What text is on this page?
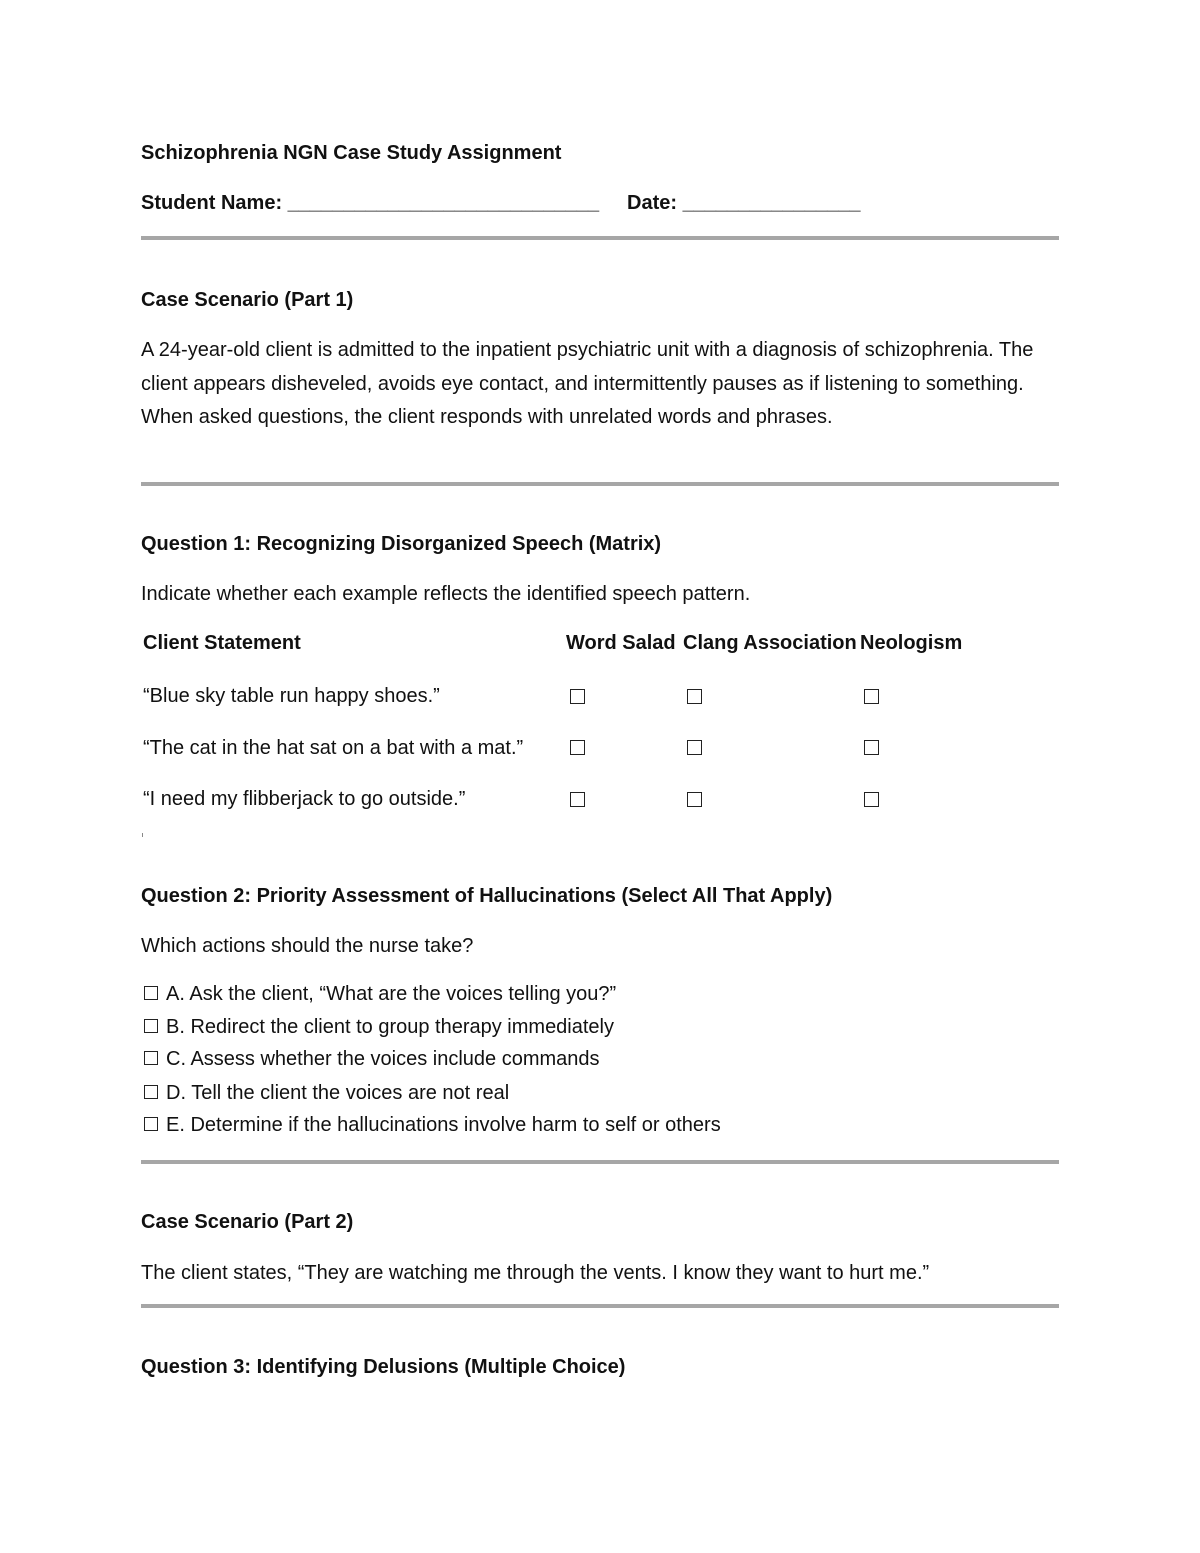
Schizophrenia NGN Case Study Assignment
Student Name: ____________________________ Date: ________________
Case Scenario (Part 1)
A 24-year-old client is admitted to the inpatient psychiatric unit with a diagnosis of schizophrenia. The client appears disheveled, avoids eye contact, and intermittently pauses as if listening to something. When asked questions, the client responds with unrelated words and phrases.
Question 1: Recognizing Disorganized Speech (Matrix)
Indicate whether each example reflects the identified speech pattern.
Client Statement	Word Salad Clang Association Neologism
“Blue sky table run happy shoes.”
“The cat in the hat sat on a bat with a mat.”
“I need my flibberjack to go outside.”
Question 2: Priority Assessment of Hallucinations (Select All That Apply)
Which actions should the nurse take?
A. Ask the client, “What are the voices telling you?”
B. Redirect the client to group therapy immediately
C. Assess whether the voices include commands
D. Tell the client the voices are not real
E. Determine if the hallucinations involve harm to self or others
Case Scenario (Part 2)
The client states, “They are watching me through the vents. I know they want to hurt me.”
Question 3: Identifying Delusions (Multiple Choice)
